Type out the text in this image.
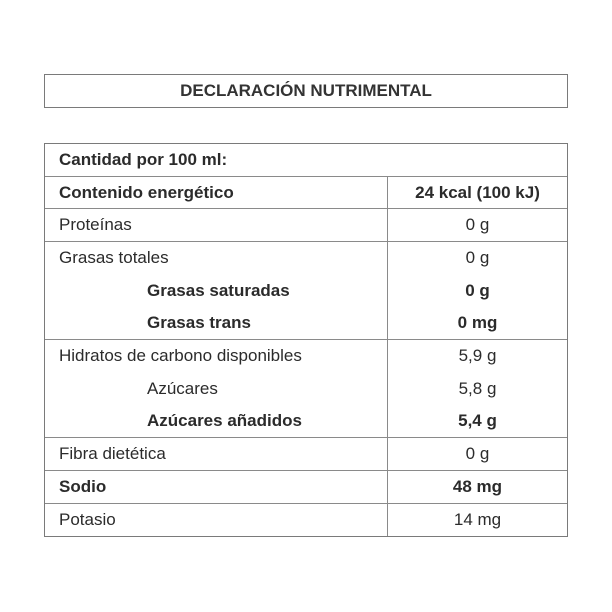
DECLARACIÓN NUTRIMENTAL
Cantidad por 100 ml:
Contenido energético	24 kcal (100 kJ)
Proteínas	0 g
Grasas totales	0 g
Grasas saturadas	0 g
Grasas trans	0 mg
Hidratos de carbono disponibles	5,9 g
Azúcares	5,8 g
Azúcares añadidos	5,4 g
Fibra dietética	0 g
Sodio	48 mg
Potasio	14 mg
